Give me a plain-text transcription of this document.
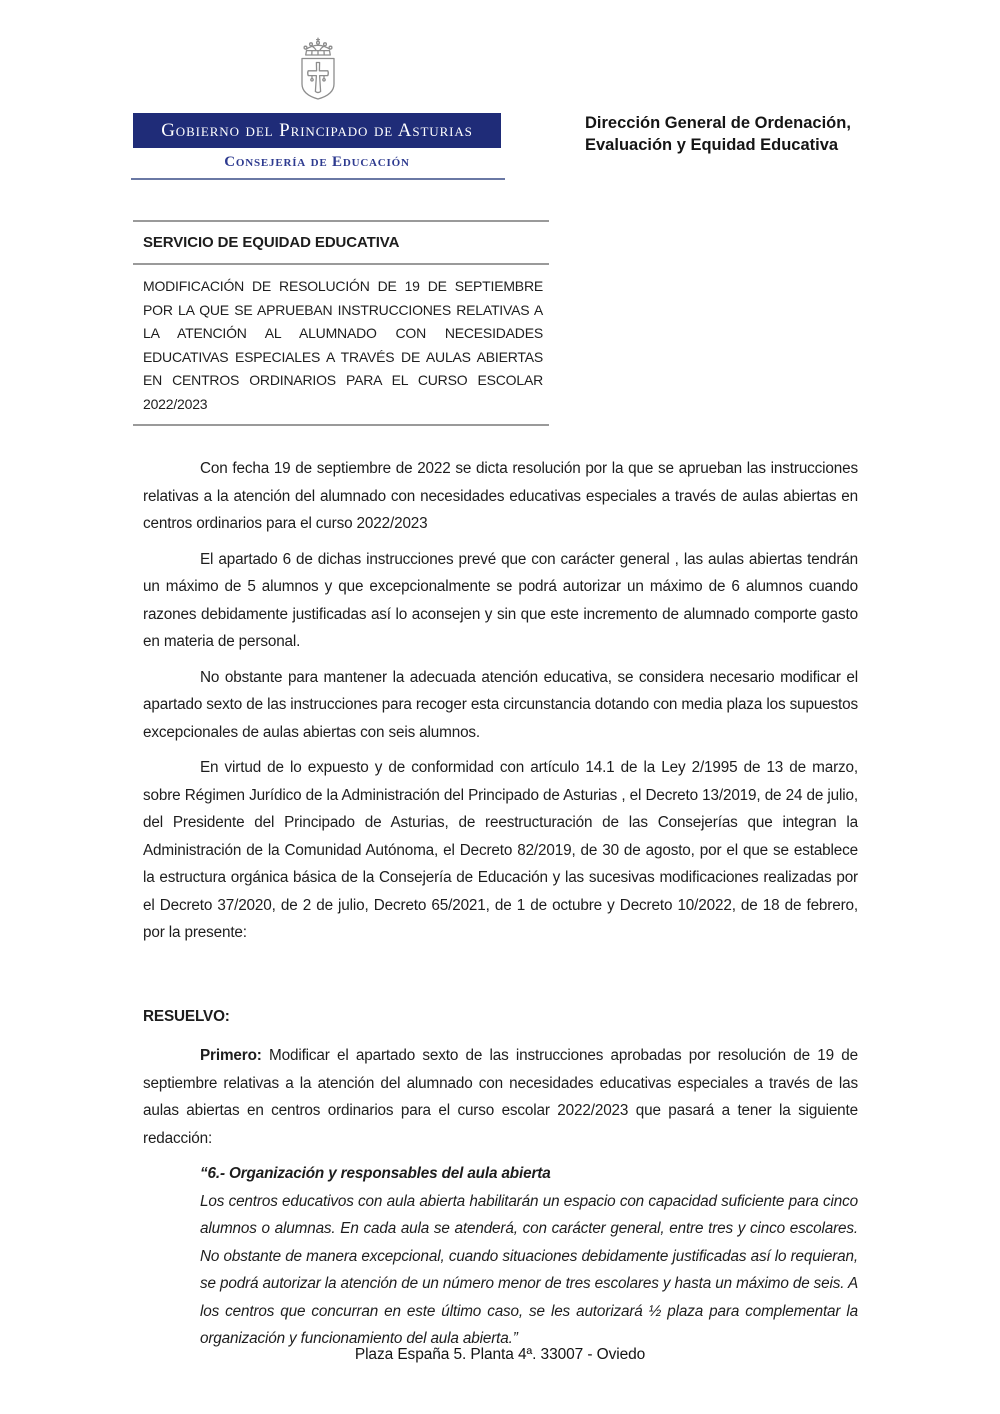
Gobierno del Principado de Asturias
Consejería de Educación
Dirección General de Ordenación,
Evaluación y Equidad Educativa
SERVICIO DE EQUIDAD EDUCATIVA
MODIFICACIÓN DE RESOLUCIÓN DE 19 DE SEPTIEMBRE POR LA QUE SE APRUEBAN INSTRUCCIONES RELATIVAS A LA ATENCIÓN AL ALUMNADO CON NECESIDADES EDUCATIVAS ESPECIALES A TRAVÉS DE AULAS ABIERTAS EN CENTROS ORDINARIOS PARA EL CURSO ESCOLAR 2022/2023

Con fecha 19 de septiembre de 2022 se dicta resolución por la que se aprueban las instrucciones relativas a la atención del alumnado con necesidades educativas especiales a través de aulas abiertas en centros ordinarios para el curso 2022/2023

El apartado 6 de dichas instrucciones prevé que con carácter general , las aulas abiertas tendrán un máximo de 5 alumnos y que excepcionalmente se podrá autorizar un máximo de 6 alumnos cuando razones debidamente justificadas así lo aconsejen y sin que este incremento de alumnado comporte gasto en materia de personal.

No obstante para mantener la adecuada atención educativa, se considera necesario modificar el apartado sexto de las instrucciones para recoger esta circunstancia dotando con media plaza los supuestos excepcionales de aulas abiertas con seis alumnos.

En virtud de lo expuesto y de conformidad con artículo 14.1 de la Ley 2/1995 de 13 de marzo, sobre Régimen Jurídico de la Administración del Principado de Asturias , el Decreto 13/2019, de 24 de julio, del Presidente del Principado de Asturias, de reestructuración de las Consejerías que integran la Administración de la Comunidad Autónoma, el Decreto 82/2019, de 30 de agosto, por el que se establece la estructura orgánica básica de la Consejería de Educación y las sucesivas modificaciones realizadas por el Decreto 37/2020, de 2 de julio, Decreto 65/2021, de 1 de octubre y Decreto 10/2022, de 18 de febrero, por la presente:

RESUELVO:

Primero: Modificar el apartado sexto de las instrucciones aprobadas por resolución de 19 de septiembre relativas a la atención del alumnado con necesidades educativas especiales a través de las aulas abiertas en centros ordinarios para el curso escolar 2022/2023 que pasará a tener la siguiente redacción:

“6.- Organización y responsables del aula abierta

Los centros educativos con aula abierta habilitarán un espacio con capacidad suficiente para cinco alumnos o alumnas. En cada aula se atenderá, con carácter general, entre tres y cinco escolares. No obstante de manera excepcional, cuando situaciones debidamente justificadas así lo requieran, se podrá autorizar la atención de un número menor de tres escolares y hasta un máximo de seis. A los centros que concurran en este último caso, se les autorizará ½ plaza para complementar la organización y funcionamiento del aula abierta.”

Plaza España 5. Planta 4ª. 33007 - Oviedo
